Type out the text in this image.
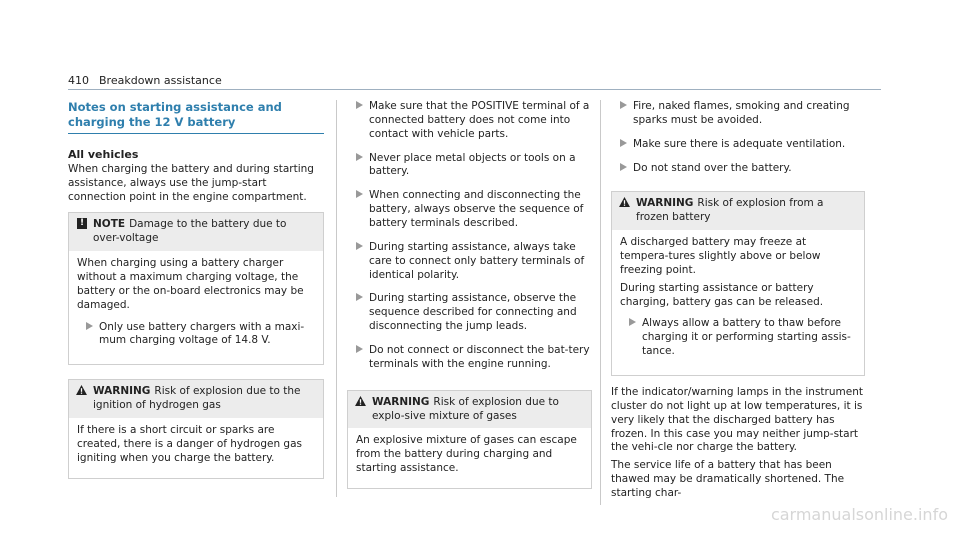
410 Breakdown assistance
Notes on starting assistance and charging the 12 V battery
All vehicles
When charging the battery and during starting assistance, always use the jump-start connection point in the engine compartment.
! NOTE Damage to the battery due to over-voltage
When charging using a battery charger without a maximum charging voltage, the battery or the on-board electronics may be damaged.
Only use battery chargers with a maxi-mum charging voltage of 14.8 V.
WARNING Risk of explosion due to the ignition of hydrogen gas
If there is a short circuit or sparks are created, there is a danger of hydrogen gas igniting when you charge the battery.
Make sure that the POSITIVE terminal of a connected battery does not come into contact with vehicle parts.
Never place metal objects or tools on a battery.
When connecting and disconnecting the battery, always observe the sequence of battery terminals described.
During starting assistance, always take care to connect only battery terminals of identical polarity.
During starting assistance, observe the sequence described for connecting and disconnecting the jump leads.
Do not connect or disconnect the bat-tery terminals with the engine running.
WARNING Risk of explosion due to explo-sive mixture of gases
An explosive mixture of gases can escape from the battery during charging and starting assistance.
Fire, naked flames, smoking and creating sparks must be avoided.
Make sure there is adequate ventilation.
Do not stand over the battery.
WARNING Risk of explosion from a frozen battery
A discharged battery may freeze at tempera-tures slightly above or below freezing point.
During starting assistance or battery charging, battery gas can be released.
Always allow a battery to thaw before charging it or performing starting assis-tance.
If the indicator/warning lamps in the instrument cluster do not light up at low temperatures, it is very likely that the discharged battery has frozen. In this case you may neither jump-start the vehi-cle nor charge the battery.
The service life of a battery that has been thawed may be dramatically shortened. The starting char-
carmanualsonline.info
